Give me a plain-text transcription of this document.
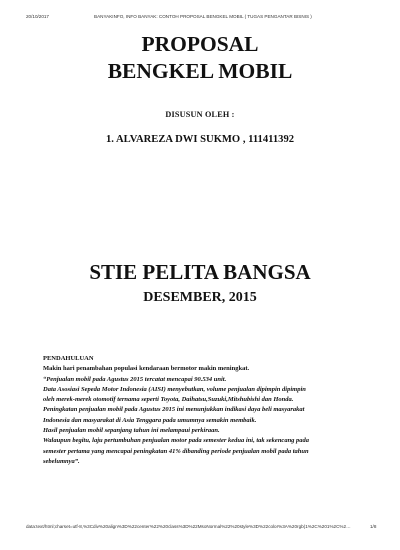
20/10/2017	BANYAKINFO, INFO BANYAK: CONTOH PROPOSAL BENGKEL MOBIL ( TUGAS PENGANTAR BISNIS )
PROPOSAL
BENGKEL MOBIL
DISUSUN OLEH :
1. ALVAREZA DWI SUKMO , 111411392
STIE PELITA BANGSA
DESEMBER, 2015
PENDAHULUAN
Makin hari penambahan populasi kendaraan bermotor makin meningkat.
“Penjualan mobil pada Agustus 2015 tercatat mencapai 90.534 unit.
Data Asosiasi Sepeda Motor Indonesia (AISI) menyebutkan, volume penjualan dipimpin dipimpin
oleh merek-merek otomotif ternama seperti Toyota, Daihatsu,Suzuki,Mitshubishi dan Honda.
Peningkatan penjualan mobil pada Agustus 2015 ini menunjukkan indikasi daya beli masyarakat
Indonesia dan masyarakat di Asia Tenggara pada umumnya semakin membaik.
Hasil penjualan mobil sepanjang tahun ini melampaui perkiraan.
Walaupun begitu, laju pertumbuhan penjualan motor pada semester kedua ini, tak sekencang pada
semester pertama yang mencapai peningkatan 41% dibanding periode penjualan mobil pada tahun
sebelumnya”.
data:text/html;charset=utf-8,%3Cdiv%20align%3D%22center%22%20class%3D%22MsoNormal%22%20style%3D%22color%3A%20rgb(1%2C%201%2C%2…	1/8
